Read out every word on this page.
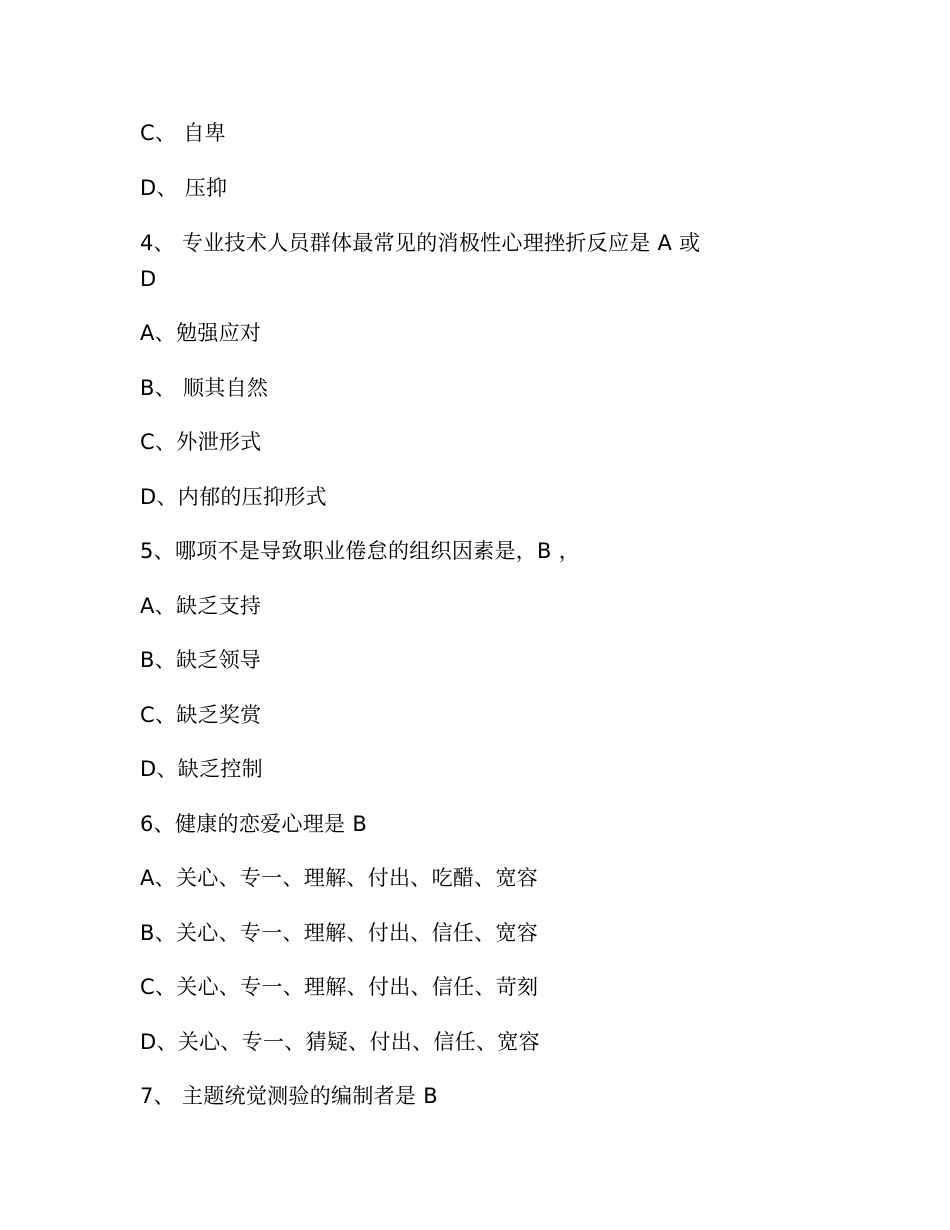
C、 自卑
D、 压抑
4、 专业技术人员群体最常见的消极性心理挫折反应是 A 或
D
A、勉强应对
B、 顺其自然
C、外泄形式
D、内郁的压抑形式
5、哪项不是导致职业倦怠的组织因素是，B ，
A、缺乏支持
B、缺乏领导
C、缺乏奖赏
D、缺乏控制
6、健康的恋爱心理是 B
A、关心、专一、理解、付出、吃醋、宽容
B、关心、专一、理解、付出、信任、宽容
C、关心、专一、理解、付出、信任、苛刻
D、关心、专一、猜疑、付出、信任、宽容
7、 主题统觉测验的编制者是 B
